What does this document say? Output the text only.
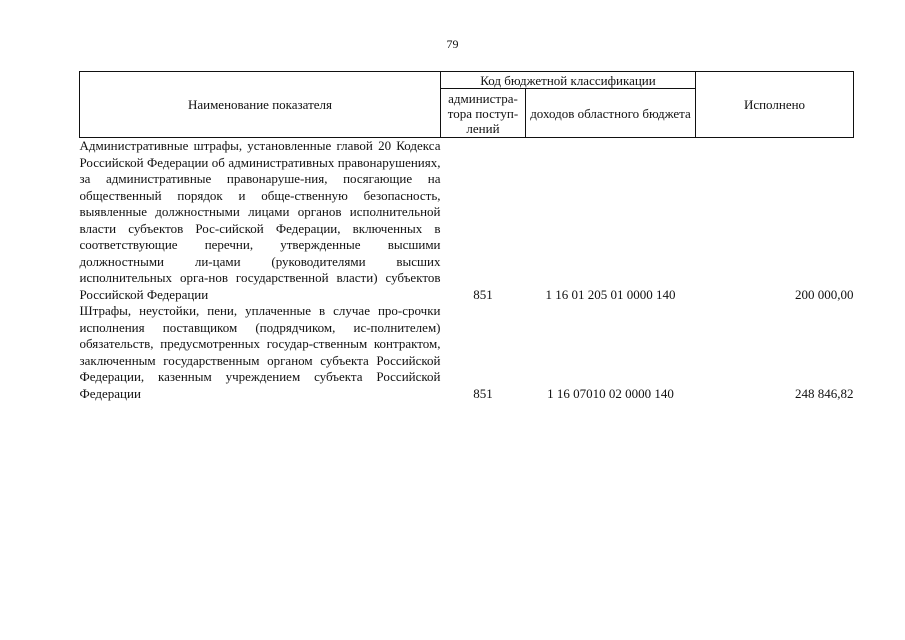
79
Наименование показателя	Код бюджетной классификации		Исполнено
	администра-тора поступ-лений	доходов областного бюджета	
Административные штрафы, установленные главой 20 Кодекса Российской Федерации об административных правонарушениях, за административные правонаруше-ния, посягающие на общественный порядок и обще-ственную безопасность, выявленные должностными лицами органов исполнительной власти субъектов Рос-сийской Федерации, включенных в соответствующие перечни, утвержденные высшими должностными ли-цами (руководителями высших исполнительных орга-нов государственной власти) субъектов Российской Федерации	851	1 16 01 205 01 0000 140	200 000,00
Штрафы, неустойки, пени, уплаченные в случае про-срочки исполнения поставщиком (подрядчиком, ис-полнителем) обязательств, предусмотренных государ-ственным контрактом, заключенным государственным органом субъекта Российской Федерации, казенным учреждением субъекта Российской Федерации	851	1 16 07010 02 0000 140	248 846,82
